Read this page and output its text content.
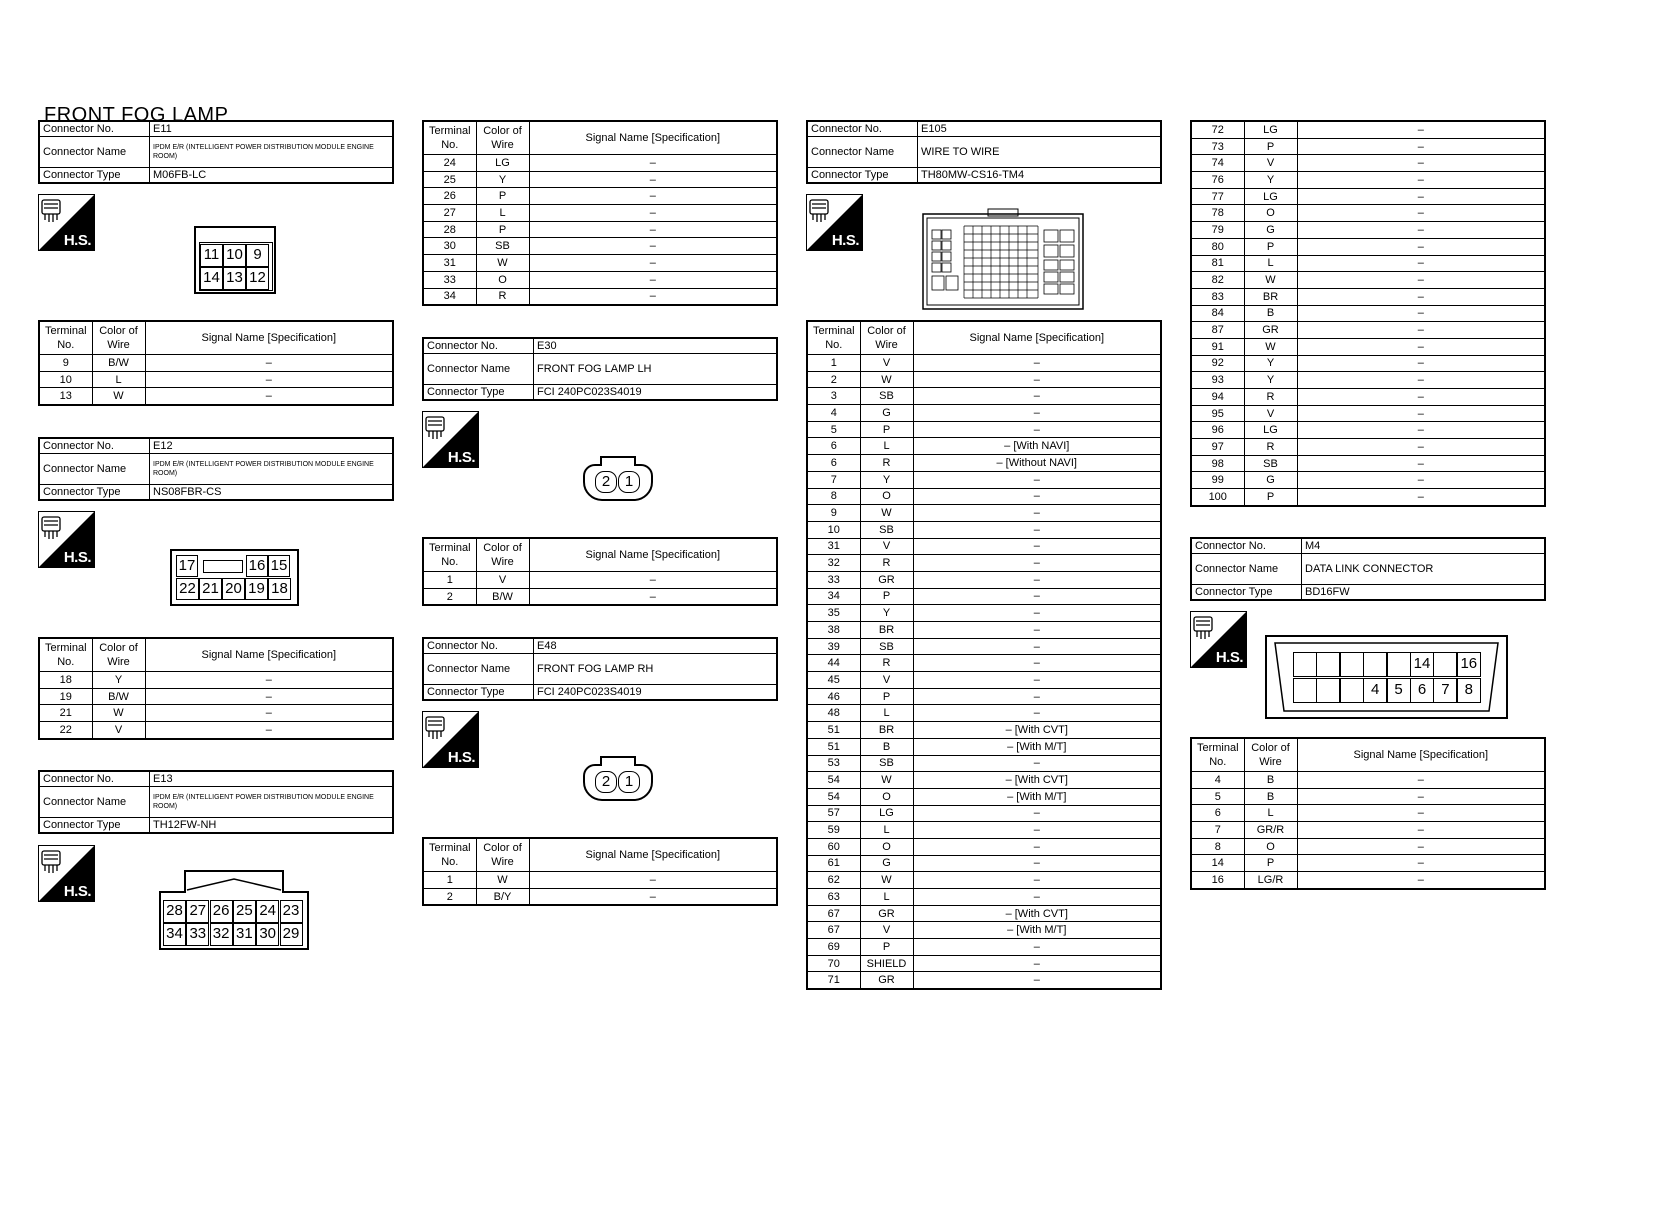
FRONT FOG LAMP
Connector No.	E11
Connector Name	IPDM E/R (INTELLIGENT POWER DISTRIBUTION MODULE ENGINE ROOM)
Connector Type	M06FB-LC
H.S.
11 10 9
14 13 12
Terminal No.	Color of Wire	Signal Name [Specification]
9	B/W	–
10	L	–
13	W	–
Connector No.	E12
Connector Name	IPDM E/R (INTELLIGENT POWER DISTRIBUTION MODULE ENGINE ROOM)
Connector Type	NS08FBR-CS
H.S.	17	16 15
22 21 20 19 18
Terminal No.	Color of Wire	Signal Name [Specification]
18	Y	–
19	B/W	–
21	W	–
22	V	–
Connector No.	E13
Connector Name	IPDM E/R (INTELLIGENT POWER DISTRIBUTION MODULE ENGINE ROOM)
Connector Type	TH12FW-NH
H.S.
28 27 26 25 24 23
34 33 32 31 30 29
Terminal No.	Color of Wire	Signal Name [Specification]
24	LG	–
25	Y	–
26	P	–
27	L	–
28	P	–
30	SB	–
31	W	–
33	O	–
34	R	–
Connector No.	E30
Connector Name	FRONT FOG LAMP LH
Connector Type	FCI 240PC023S4019
H.S.
2 1
Terminal No.	Color of Wire	Signal Name [Specification]
1	V	–
2	B/W	–
Connector No.	E48
Connector Name	FRONT FOG LAMP RH
Connector Type	FCI 240PC023S4019
H.S.
2 1
Terminal No.	Color of Wire	Signal Name [Specification]
1	W	–
2	B/Y	–
Connector No.	E105
Connector Name	WIRE TO WIRE
Connector Type	TH80MW-CS16-TM4
H.S.
Terminal No.	Color of Wire	Signal Name [Specification]
1	V	–
2	W	–
3	SB	–
4	G	–
5	P	–
6	L	– [With NAVI]
6	R	– [Without NAVI]
7	Y	–
8	O	–
9	W	–
10	SB	–
31	V	–
32	R	–
33	GR	–
34	P	–
35	Y	–
38	BR	–
39	SB	–
44	R	–
45	V	–
46	P	–
48	L	–
51	BR	– [With CVT]
51	B	– [With M/T]
53	SB	–
54	W	– [With CVT]
54	O	– [With M/T]
57	LG	–
59	L	–
60	O	–
61	G	–
62	W	–
63	L	–
67	GR	– [With CVT]
67	V	– [With M/T]
69	P	–
70	SHIELD	–
71	GR	–
72	LG	–
73	P	–
74	V	–
76	Y	–
77	LG	–
78	O	–
79	G	–
80	P	–
81	L	–
82	W	–
83	BR	–
84	B	–
87	GR	–
91	W	–
92	Y	–
93	Y	–
94	R	–
95	V	–
96	LG	–
97	R	–
98	SB	–
99	G	–
100	P	–
Connector No.	M4
Connector Name	DATA LINK CONNECTOR
Connector Type	BD16FW
H.S.	14 16
4	5	6	7	8
Terminal No.	Color of Wire	Signal Name [Specification]
4	B	–
5	B	–
6	L	–
7	GR/R	–
8	O	–
14	P	–
16	LG/R	–
